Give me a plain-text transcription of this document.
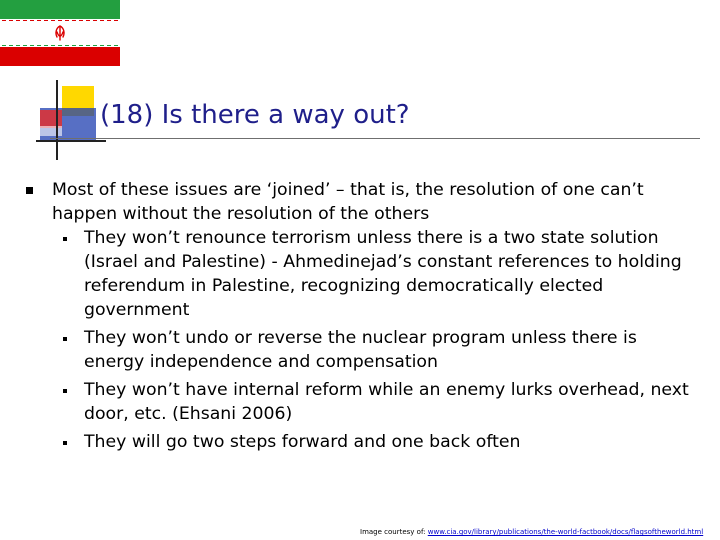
(18) Is there a way out?
Most of these issues are ‘joined’ – that is, the resolution of one can’t happen without the resolution of the others
They won’t renounce terrorism unless there is a two state solution (Israel and Palestine) - Ahmedinejad’s constant references to holding referendum in Palestine, recognizing democratically elected government
They won’t undo or reverse the nuclear program unless there is energy independence and compensation
They won’t have internal reform while an enemy lurks overhead, next door, etc. (Ehsani 2006)
They will go two steps forward and one back often
Image courtesy of: www.cia.gov/library/publications/the-world-factbook/docs/flagsoftheworld.html
